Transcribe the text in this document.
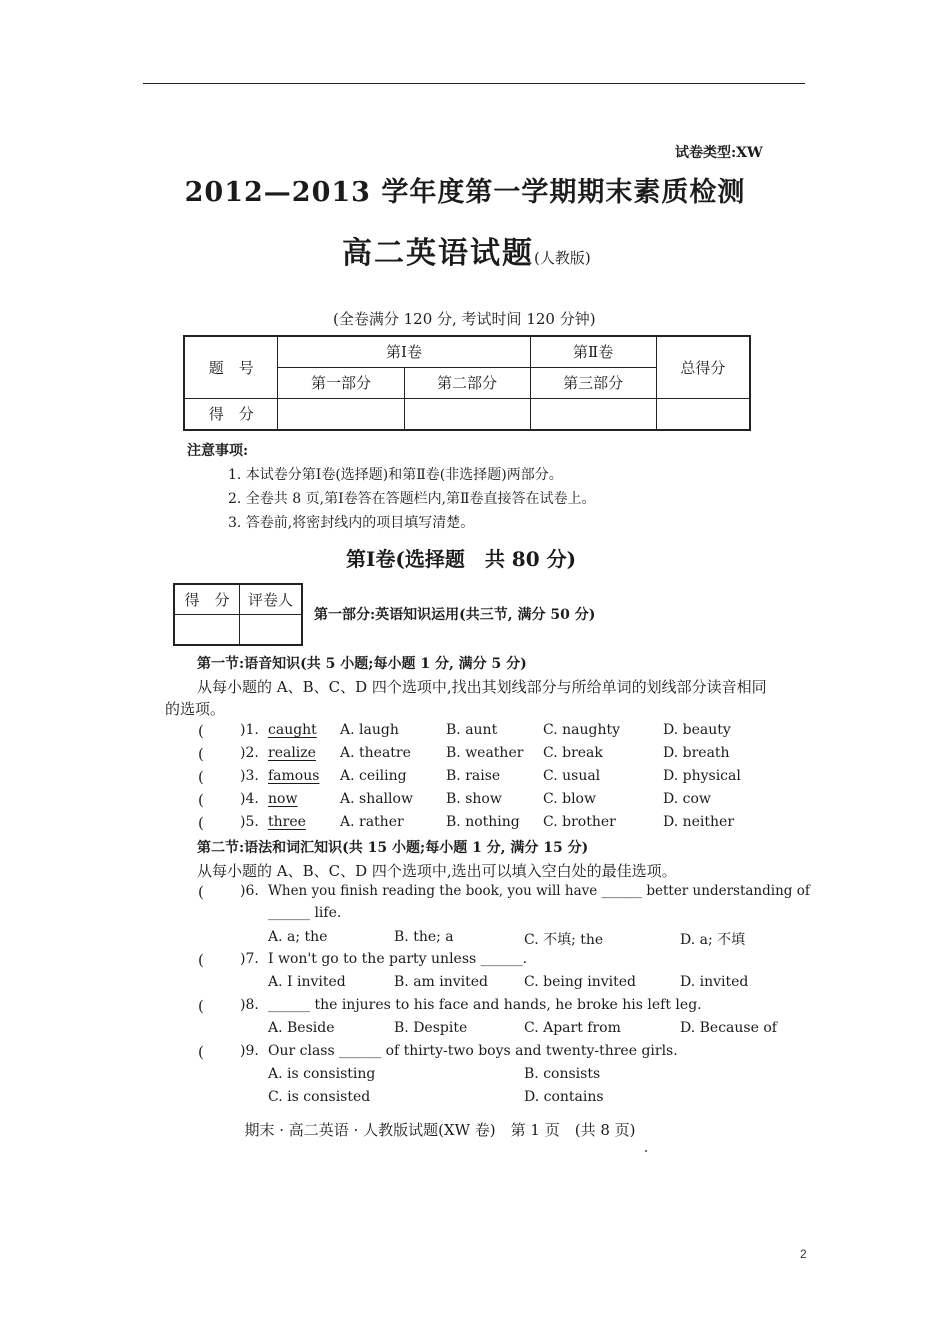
试卷类型:XW
2012—2013 学年度第一学期期末素质检测
高二英语试题(人教版)
(全卷满分 120 分, 考试时间 120 分钟)
题　号	第Ⅰ卷		第Ⅱ卷	总得分
	第一部分	第二部分	第三部分	
得　分				
注意事项:
1. 本试卷分第Ⅰ卷(选择题)和第Ⅱ卷(非选择题)两部分。
2. 全卷共 8 页,第Ⅰ卷答在答题栏内,第Ⅱ卷直接答在试卷上。
3. 答卷前,将密封线内的项目填写清楚。
第Ⅰ卷(选择题　共 80 分)
得　分	评卷人

第一部分:英语知识运用(共三节, 满分 50 分)
第一节:语音知识(共 5 小题;每小题 1 分, 满分 5 分)
从每小题的 A、B、C、D 四个选项中,找出其划线部分与所给单词的划线部分读音相同
的选项。
(	)1. caught A. laugh	B. aunt	C. naughty	D. beauty
(	)2. realize A. theatre	B. weather C. break	D. breath
(	)3. famous A. ceiling	B. raise	C. usual	D. physical
(	)4. now	A. shallow B. show	C. blow	D. cow
(	)5. three A. rather	B. nothing C. brother	D. neither
第二节:语法和词汇知识(共 15 小题;每小题 1 分, 满分 15 分)
从每小题的 A、B、C、D 四个选项中,选出可以填入空白处的最佳选项。
(	)6. When you finish reading the book, you will have ______ better understanding of
______ life.
A. a; the	B. the; a	C. 不填; the	D. a; 不填
(	)7. I won't go to the party unless ______.
A. I invited	B. am invited	C. being invited	D. invited
(	)8. ______ the injures to his face and hands, he broke his left leg.
A. Beside	B. Despite	C. Apart from	D. Because of
(	)9. Our class ______ of thirty-two boys and twenty-three girls.
A. is consisting	B. consists
C. is consisted	D. contains
期末 · 高二英语 · 人教版试题(XW 卷)　第 1 页　(共 8 页)
2
